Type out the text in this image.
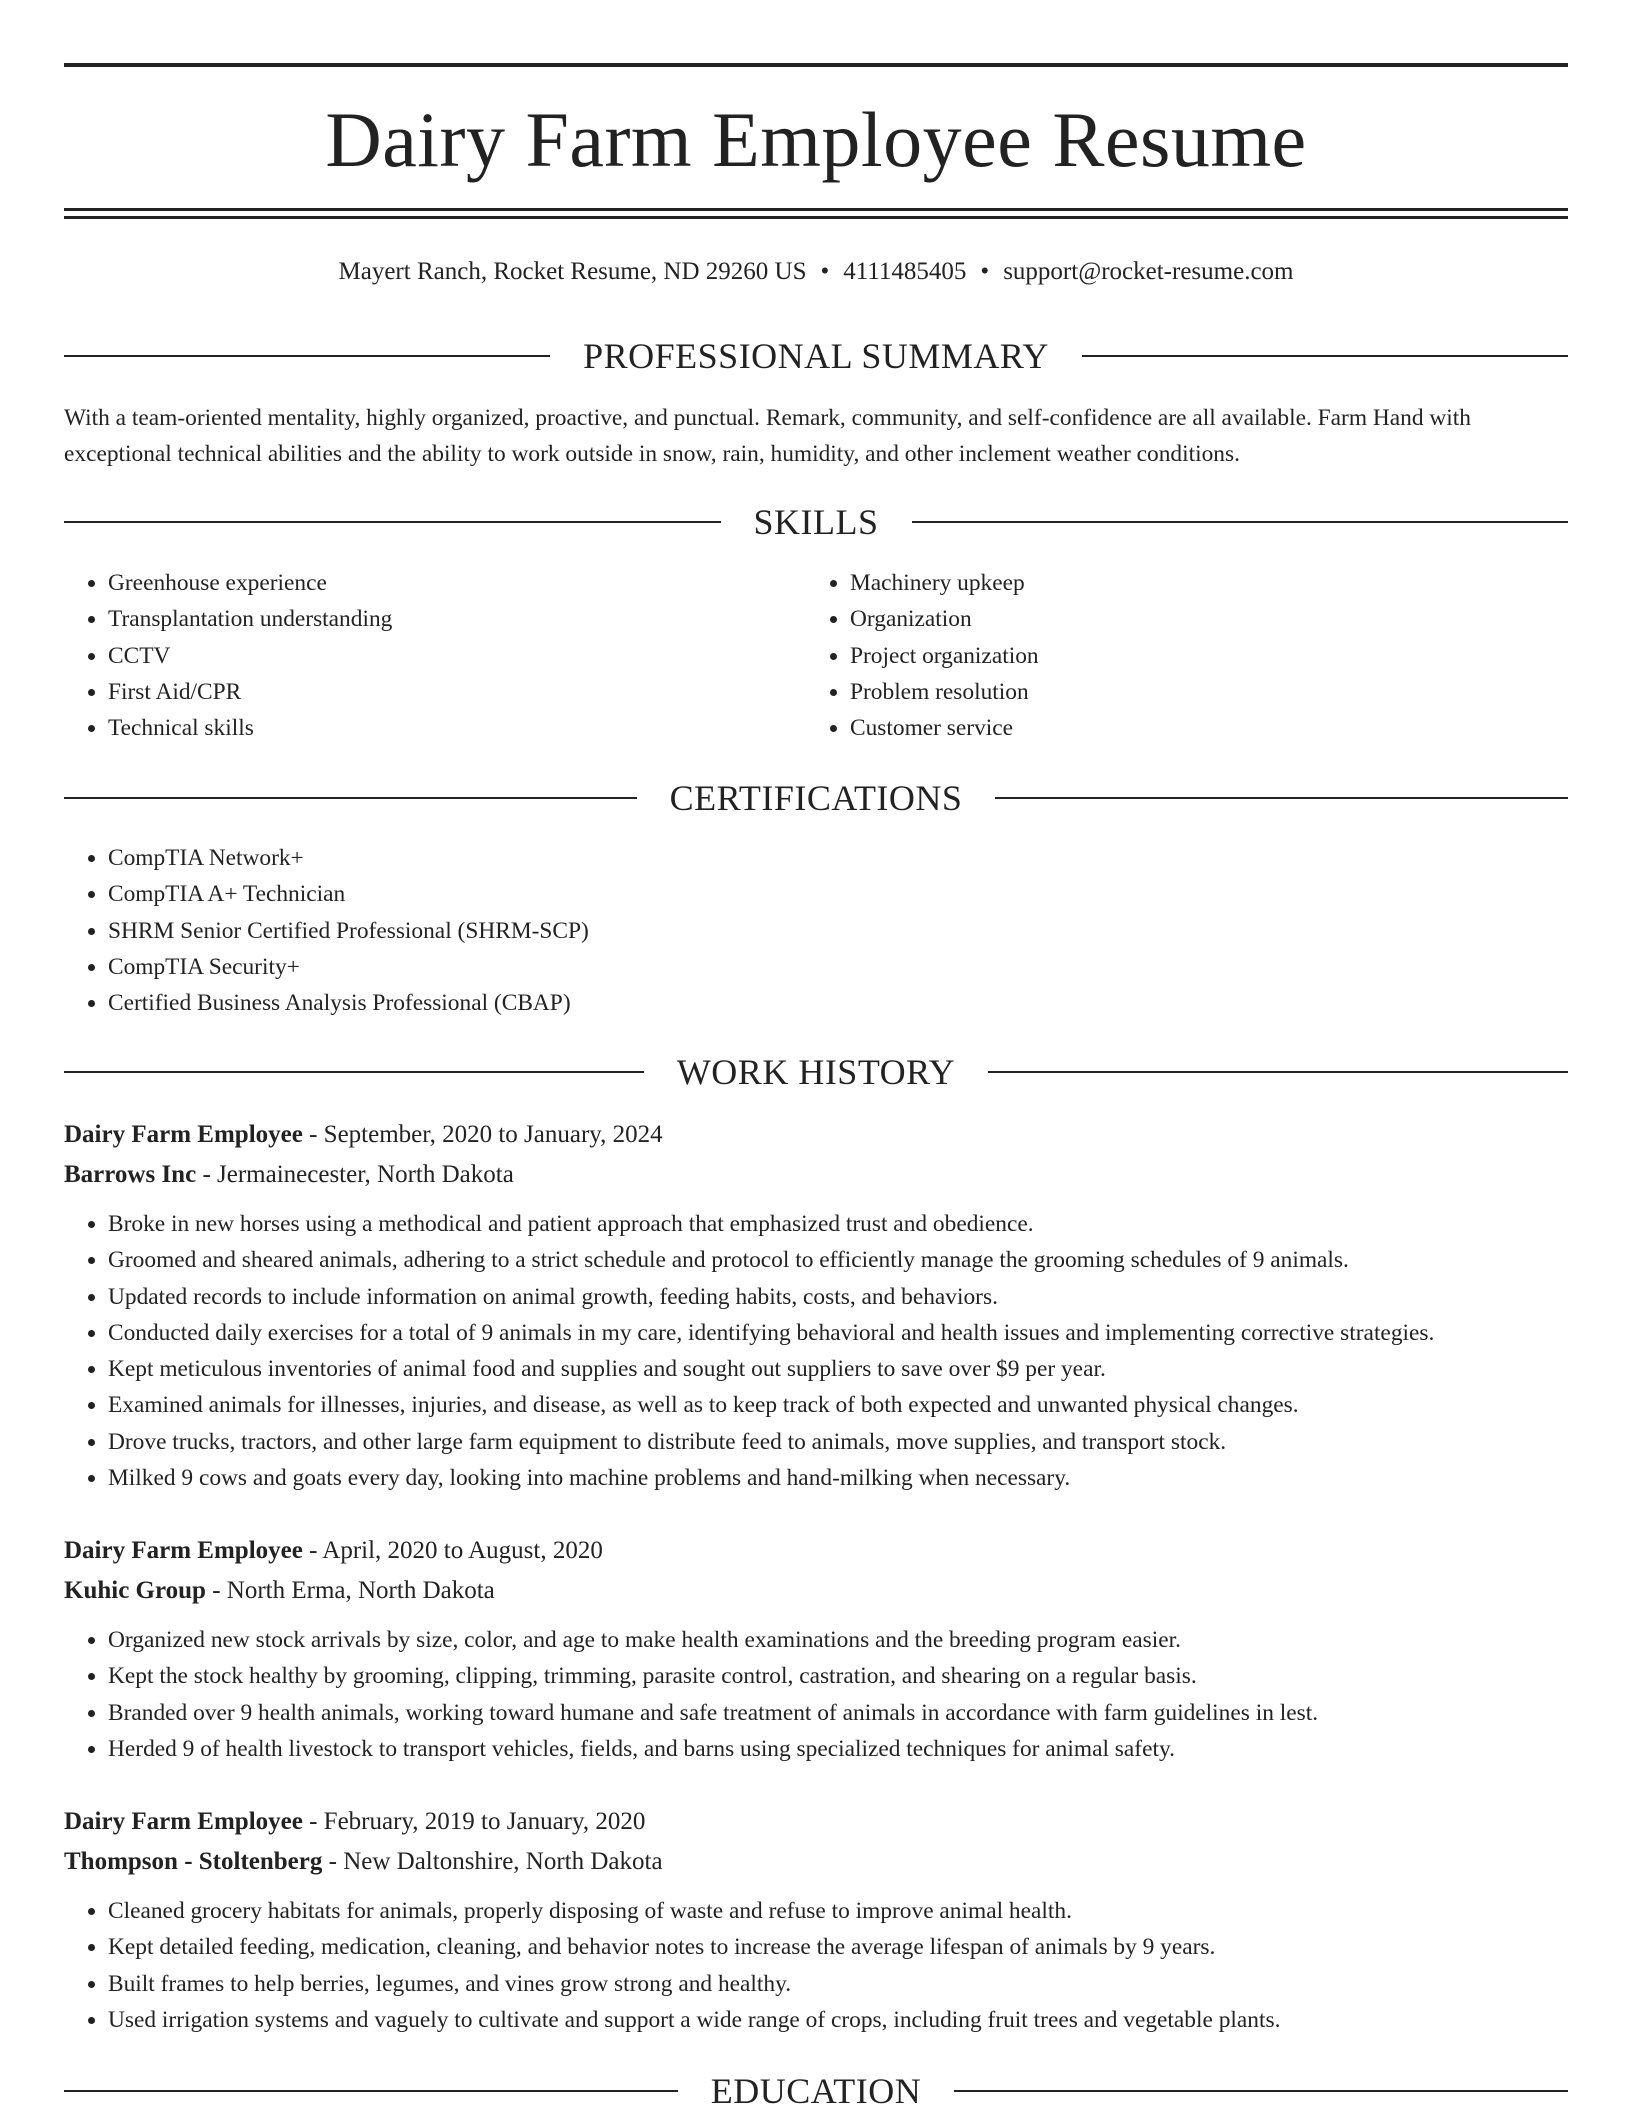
Dairy Farm Employee Resume
Mayert Ranch, Rocket Resume, ND 29260 US • 4111485405 • support@rocket-resume.com
PROFESSIONAL SUMMARY
With a team-oriented mentality, highly organized, proactive, and punctual. Remark, community, and self-confidence are all available. Farm Hand with exceptional technical abilities and the ability to work outside in snow, rain, humidity, and other inclement weather conditions.
SKILLS
• Greenhouse experience
• Transplantation understanding
• CCTV
• First Aid/CPR
• Technical skills
• Machinery upkeep
• Organization
• Project organization
• Problem resolution
• Customer service
CERTIFICATIONS
• CompTIA Network+
• CompTIA A+ Technician
• SHRM Senior Certified Professional (SHRM-SCP)
• CompTIA Security+
• Certified Business Analysis Professional (CBAP)
WORK HISTORY
Dairy Farm Employee - September, 2020 to January, 2024
Barrows Inc - Jermainecester, North Dakota
• Broke in new horses using a methodical and patient approach that emphasized trust and obedience.
• Groomed and sheared animals, adhering to a strict schedule and protocol to efficiently manage the grooming schedules of 9 animals.
• Updated records to include information on animal growth, feeding habits, costs, and behaviors.
• Conducted daily exercises for a total of 9 animals in my care, identifying behavioral and health issues and implementing corrective strategies.
• Kept meticulous inventories of animal food and supplies and sought out suppliers to save over $9 per year.
• Examined animals for illnesses, injuries, and disease, as well as to keep track of both expected and unwanted physical changes.
• Drove trucks, tractors, and other large farm equipment to distribute feed to animals, move supplies, and transport stock.
• Milked 9 cows and goats every day, looking into machine problems and hand-milking when necessary.
Dairy Farm Employee - April, 2020 to August, 2020
Kuhic Group - North Erma, North Dakota
• Organized new stock arrivals by size, color, and age to make health examinations and the breeding program easier.
• Kept the stock healthy by grooming, clipping, trimming, parasite control, castration, and shearing on a regular basis.
• Branded over 9 health animals, working toward humane and safe treatment of animals in accordance with farm guidelines in lest.
• Herded 9 of health livestock to transport vehicles, fields, and barns using specialized techniques for animal safety.
Dairy Farm Employee - February, 2019 to January, 2020
Thompson - Stoltenberg - New Daltonshire, North Dakota
• Cleaned grocery habitats for animals, properly disposing of waste and refuse to improve animal health.
• Kept detailed feeding, medication, cleaning, and behavior notes to increase the average lifespan of animals by 9 years.
• Built frames to help berries, legumes, and vines grow strong and healthy.
• Used irrigation systems and vaguely to cultivate and support a wide range of crops, including fruit trees and vegetable plants.
EDUCATION
